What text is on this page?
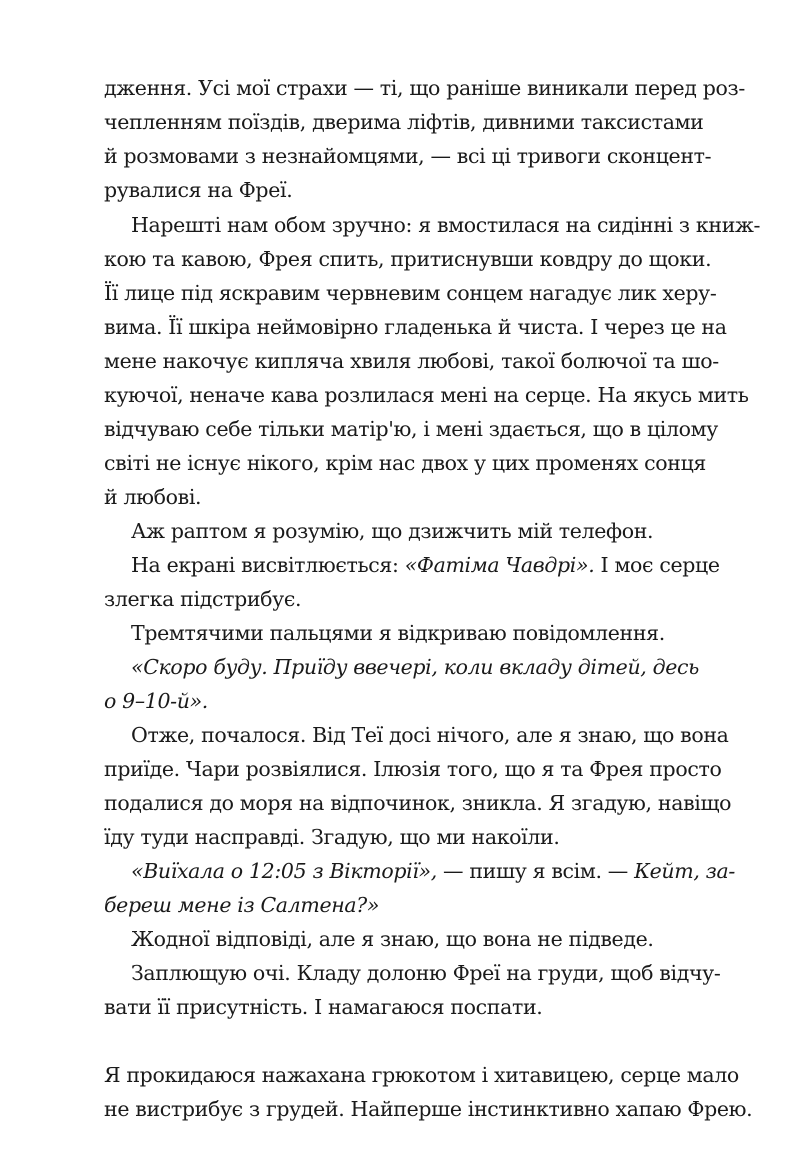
дження. Усі мої страхи — ті, що раніше виникали перед роз-
чепленням поїздів, дверима ліфтів, дивними таксистами
й розмовами з незнайомцями, — всі ці тривоги сконцент-
рувалися на Фреї.
Нарешті нам обом зручно: я вмостилася на сидінні з книж-
кою та кавою, Фрея спить, притиснувши ковдру до щоки.
Її лице під яскравим червневим сонцем нагадує лик херу-
вима. Її шкіра неймовірно гладенька й чиста. І через це на
мене накочує кипляча хвиля любові, такої болючої та шо-
куючої, неначе кава розлилася мені на серце. На якусь мить
відчуваю себе тільки матір'ю, і мені здається, що в цілому
світі не існує нікого, крім нас двох у цих променях сонця
й любові.
Аж раптом я розумію, що дзижчить мій телефон.
На екрані висвітлюється: «Фатіма Чавдрі». І моє серце
злегка підстрибує.
Тремтячими пальцями я відкриваю повідомлення.
«Скоро буду. Приїду ввечері, коли вкладу дітей, десь
о 9–10-й».
Отже, почалося. Від Теї досі нічого, але я знаю, що вона
приїде. Чари розвіялися. Ілюзія того, що я та Фрея просто
подалися до моря на відпочинок, зникла. Я згадую, навіщо
їду туди насправді. Згадую, що ми накоїли.
«Виїхала о 12:05 з Вікторії», — пишу я всім. — Кейт, за-
береш мене із Салтена?»
Жодної відповіді, але я знаю, що вона не підведе.
Заплющую очі. Кладу долоню Фреї на груди, щоб відчу-
вати її присутність. І намагаюся поспати.
Я прокидаюся нажахана грюкотом і хитавицею, серце мало
не вистрибує з грудей. Найперше інстинктивно хапаю Фрею.
